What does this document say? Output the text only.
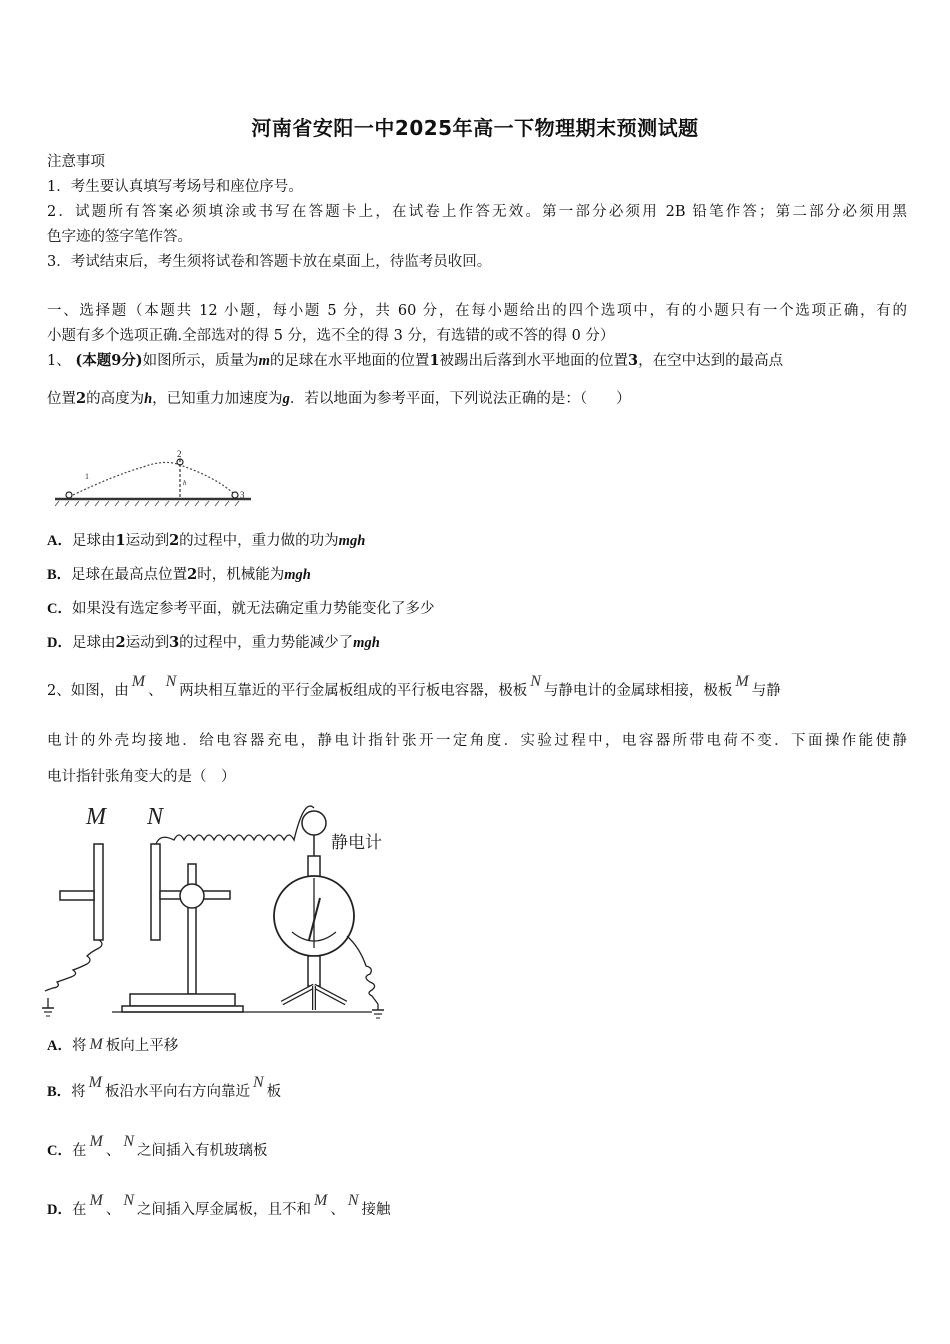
河南省安阳一中2025年高一下物理期末预测试题
注意事项
1．考生要认真填写考场号和座位序号。
2．试题所有答案必须填涂或书写在答题卡上，在试卷上作答无效。第一部分必须用 2B 铅笔作答；第二部分必须用黑
色字迹的签字笔作答。
3．考试结束后，考生须将试卷和答题卡放在桌面上，待监考员收回。
一、选择题（本题共 12 小题，每小题 5 分，共 60 分，在每小题给出的四个选项中，有的小题只有一个选项正确，有的
小题有多个选项正确.全部选对的得 5 分，选不全的得 3 分，有选错的或不答的得 0 分）
1、 (本题9分)如图所示，质量为m的足球在水平地面的位置1被踢出后落到水平地面的位置3，在空中达到的最高点
位置2的高度为h，已知重力加速度为g．若以地面为参考平面，下列说法正确的是：（　　）
1
2
h
3
A．足球由1运动到2的过程中，重力做的功为mgh
B．足球在最高点位置2时，机械能为mgh
C．如果没有选定参考平面，就无法确定重力势能变化了多少
D．足球由2运动到3的过程中，重力势能减少了mgh
2、如图，由M、N两块相互靠近的平行金属板组成的平行板电容器，极板N与静电计的金属球相接，极板M与静
电计的外壳均接地．给电容器充电，静电计指针张开一定角度．实验过程中，电容器所带电荷不变．下面操作能使静
电计指针张角变大的是（　）
M N
静电计
A．将 M 板向上平移
B．将M板沿水平向右方向靠近N板
C．在M、N之间插入有机玻璃板
D．在M、N之间插入厚金属板，且不和M、N接触
